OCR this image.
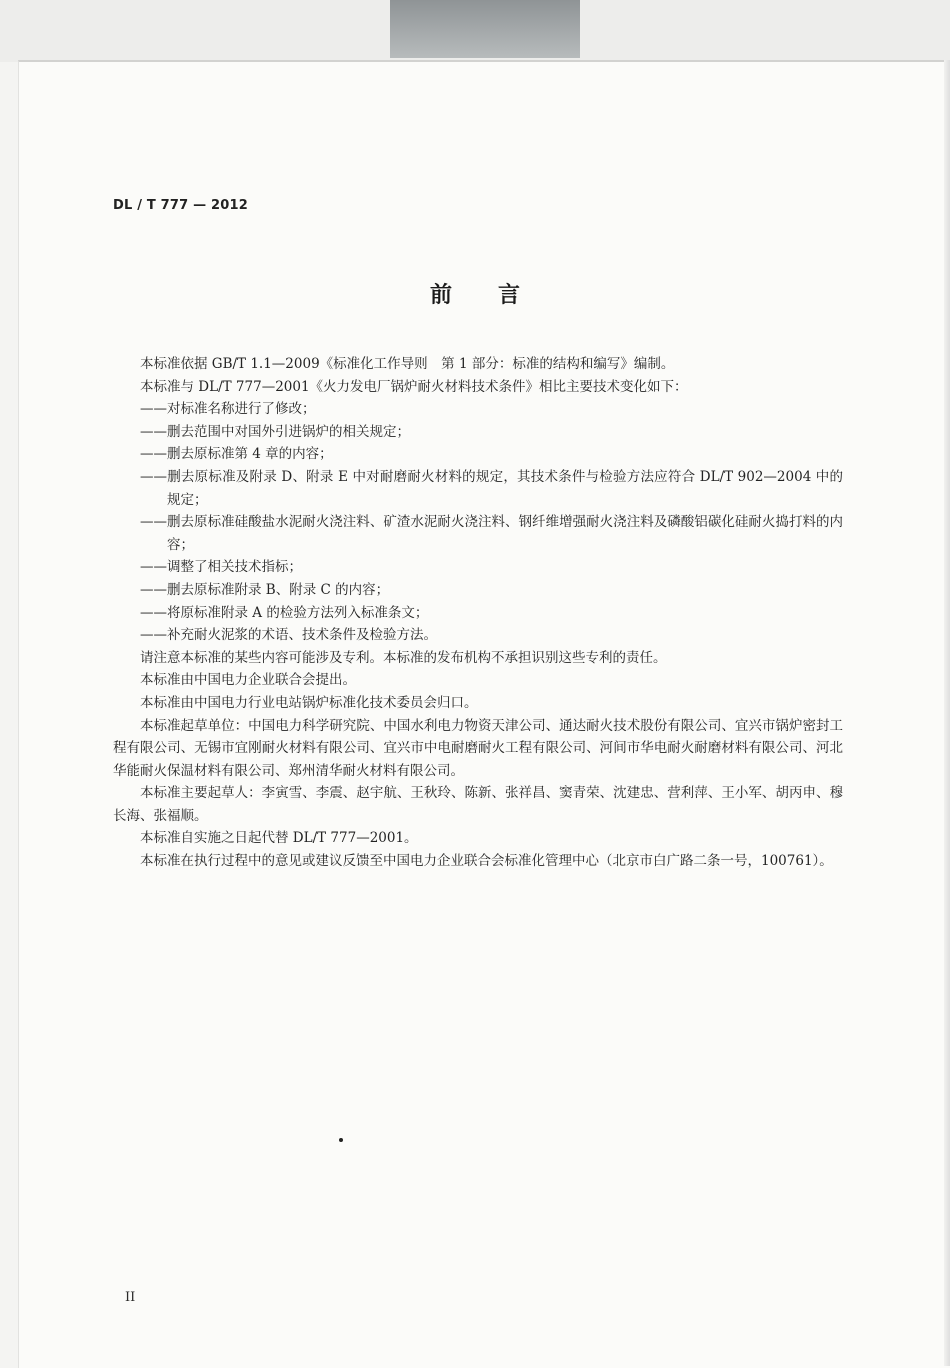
DL / T 777 — 2012
前言

本标准依据 GB/T 1.1—2009《标准化工作导则　第 1 部分：标准的结构和编写》编制。

本标准与 DL/T 777—2001《火力发电厂锅炉耐火材料技术条件》相比主要技术变化如下：

——对标准名称进行了修改；

——删去范围中对国外引进锅炉的相关规定；

——删去原标准第 4 章的内容；

——删去原标准及附录 D、附录 E 中对耐磨耐火材料的规定，其技术条件与检验方法应符合 DL/T 902—2004 中的规定；

——删去原标准硅酸盐水泥耐火浇注料、矿渣水泥耐火浇注料、钢纤维增强耐火浇注料及磷酸铝碳化硅耐火捣打料的内容；

——调整了相关技术指标；

——删去原标准附录 B、附录 C 的内容；

——将原标准附录 A 的检验方法列入标准条文；

——补充耐火泥浆的术语、技术条件及检验方法。

请注意本标准的某些内容可能涉及专利。本标准的发布机构不承担识别这些专利的责任。

本标准由中国电力企业联合会提出。

本标准由中国电力行业电站锅炉标准化技术委员会归口。

本标准起草单位：中国电力科学研究院、中国水利电力物资天津公司、通达耐火技术股份有限公司、宜兴市锅炉密封工程有限公司、无锡市宜刚耐火材料有限公司、宜兴市中电耐磨耐火工程有限公司、河间市华电耐火耐磨材料有限公司、河北华能耐火保温材料有限公司、郑州清华耐火材料有限公司。

本标准主要起草人：李寅雪、李震、赵宇航、王秋玲、陈新、张祥昌、窦青荣、沈建忠、营利萍、王小军、胡丙申、穆长海、张福顺。

本标准自实施之日起代替 DL/T 777—2001。

本标准在执行过程中的意见或建议反馈至中国电力企业联合会标准化管理中心（北京市白广路二条一号，100761）。

II
